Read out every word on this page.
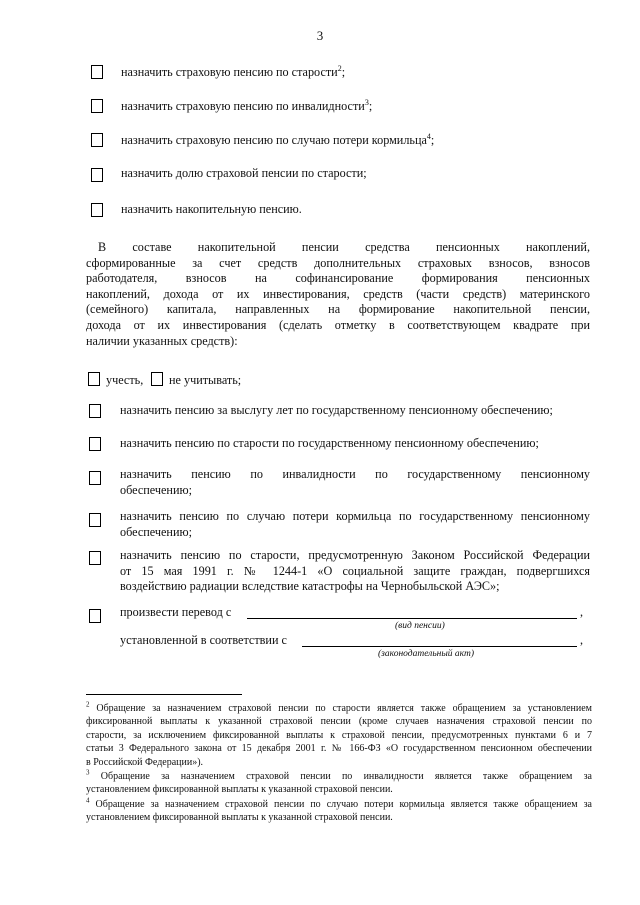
3
назначить страховую пенсию по старости$^2$;
назначить страховую пенсию по инвалидности$^3$;
назначить страховую пенсию по случаю потери кормильца$^4$;
назначить долю страховой пенсии по старости;
назначить накопительную пенсию.
В составе накопительной пенсии средства пенсионных накоплений,
сформированные за счет средств дополнительных страховых взносов, взносов
работодателя, взносов на софинансирование формирования пенсионных
накоплений, дохода от их инвестирования, средств (части средств) материнского
(семейного) капитала, направленных на формирование накопительной пенсии,
дохода от их инвестирования (сделать отметку в соответствующем квадрате при
наличии указанных средств):
учесть, не учитывать;
назначить пенсию за выслугу лет по государственному пенсионному обеспечению;
назначить пенсию по старости по государственному пенсионному обеспечению;
назначить пенсию по инвалидности по государственному пенсионному
обеспечению;
назначить пенсию по случаю потери кормильца по государственному пенсионному
обеспечению;
назначить пенсию по старости, предусмотренную Законом Российской Федерации
от 15 мая 1991 г. № 1244-1 «О социальной защите граждан, подвергшихся
воздействию радиации вследствие катастрофы на Чернобыльской АЭС»;
произвести перевод с	,
(вид пенсии)
установленной в соответствии с	,
(законодательный акт)
$^2$ Обращение за назначением страховой пенсии по старости является также обращением за установлением
фиксированной выплаты к указанной страховой пенсии (кроме случаев назначения страховой пенсии по
старости, за исключением фиксированной выплаты к страховой пенсии, предусмотренных пунктами 6 и 7
статьи 3 Федерального закона от 15 декабря 2001 г. № 166-ФЗ «О государственном пенсионном обеспечении
в Российской Федерации»).
$^3$ Обращение за назначением страховой пенсии по инвалидности является также обращением за
установлением фиксированной выплаты к указанной страховой пенсии.
$^4$ Обращение за назначением страховой пенсии по случаю потери кормильца является также обращением за
установлением фиксированной выплаты к указанной страховой пенсии.
